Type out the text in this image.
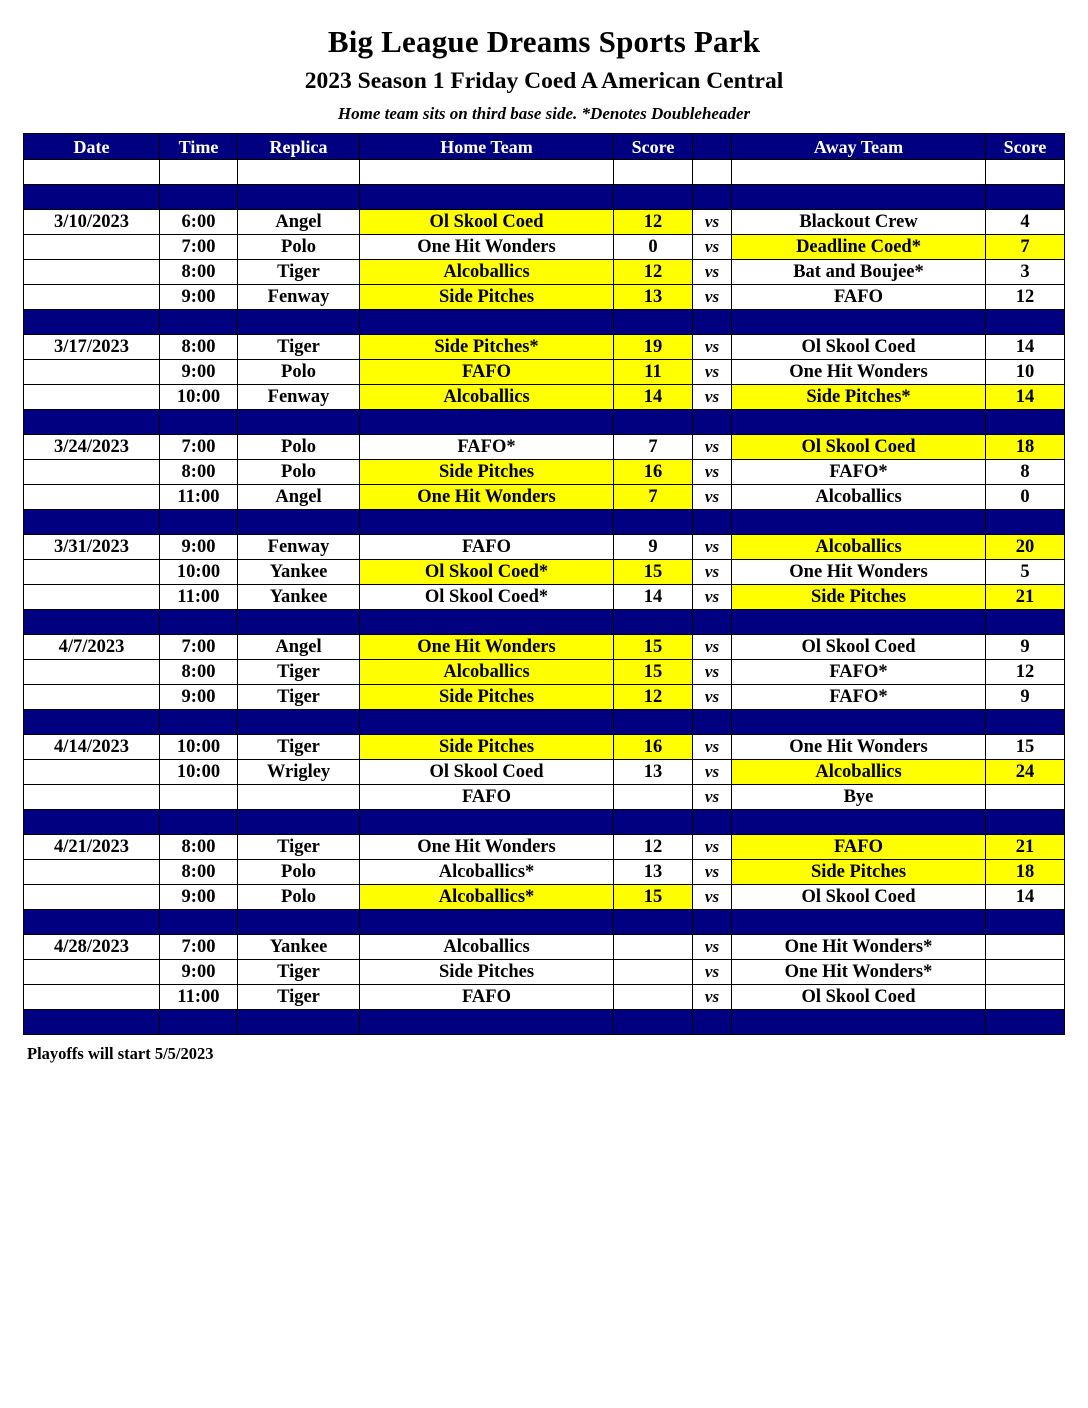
Big League Dreams Sports Park
2023 Season 1 Friday Coed A American Central
Home team sits on third base side. *Denotes Doubleheader
Date	Time	Replica	Home Team	Score		Away Team	Score

3/10/2023	6:00	Angel	Ol Skool Coed	12	vs	Blackout Crew	4
	7:00	Polo	One Hit Wonders	0	vs	Deadline Coed*	7
	8:00	Tiger	Alcoballics	12	vs	Bat and Boujee*	3
	9:00	Fenway	Side Pitches	13	vs	FAFO	12

3/17/2023	8:00	Tiger	Side Pitches*	19	vs	Ol Skool Coed	14
	9:00	Polo	FAFO	11	vs	One Hit Wonders	10
	10:00	Fenway	Alcoballics	14	vs	Side Pitches*	14

3/24/2023	7:00	Polo	FAFO*	7	vs	Ol Skool Coed	18
	8:00	Polo	Side Pitches	16	vs	FAFO*	8
	11:00	Angel	One Hit Wonders	7	vs	Alcoballics	0

3/31/2023	9:00	Fenway	FAFO	9	vs	Alcoballics	20
	10:00	Yankee	Ol Skool Coed*	15	vs	One Hit Wonders	5
	11:00	Yankee	Ol Skool Coed*	14	vs	Side Pitches	21

4/7/2023	7:00	Angel	One Hit Wonders	15	vs	Ol Skool Coed	9
	8:00	Tiger	Alcoballics	15	vs	FAFO*	12
	9:00	Tiger	Side Pitches	12	vs	FAFO*	9

4/14/2023	10:00	Tiger	Side Pitches	16	vs	One Hit Wonders	15
	10:00	Wrigley	Ol Skool Coed	13	vs	Alcoballics	24
			FAFO		vs	Bye	

4/21/2023	8:00	Tiger	One Hit Wonders	12	vs	FAFO	21
	8:00	Polo	Alcoballics*	13	vs	Side Pitches	18
	9:00	Polo	Alcoballics*	15	vs	Ol Skool Coed	14

4/28/2023	7:00	Yankee	Alcoballics		vs	One Hit Wonders*	
	9:00	Tiger	Side Pitches		vs	One Hit Wonders*	
	11:00	Tiger	FAFO		vs	Ol Skool Coed	

Playoffs will start 5/5/2023
